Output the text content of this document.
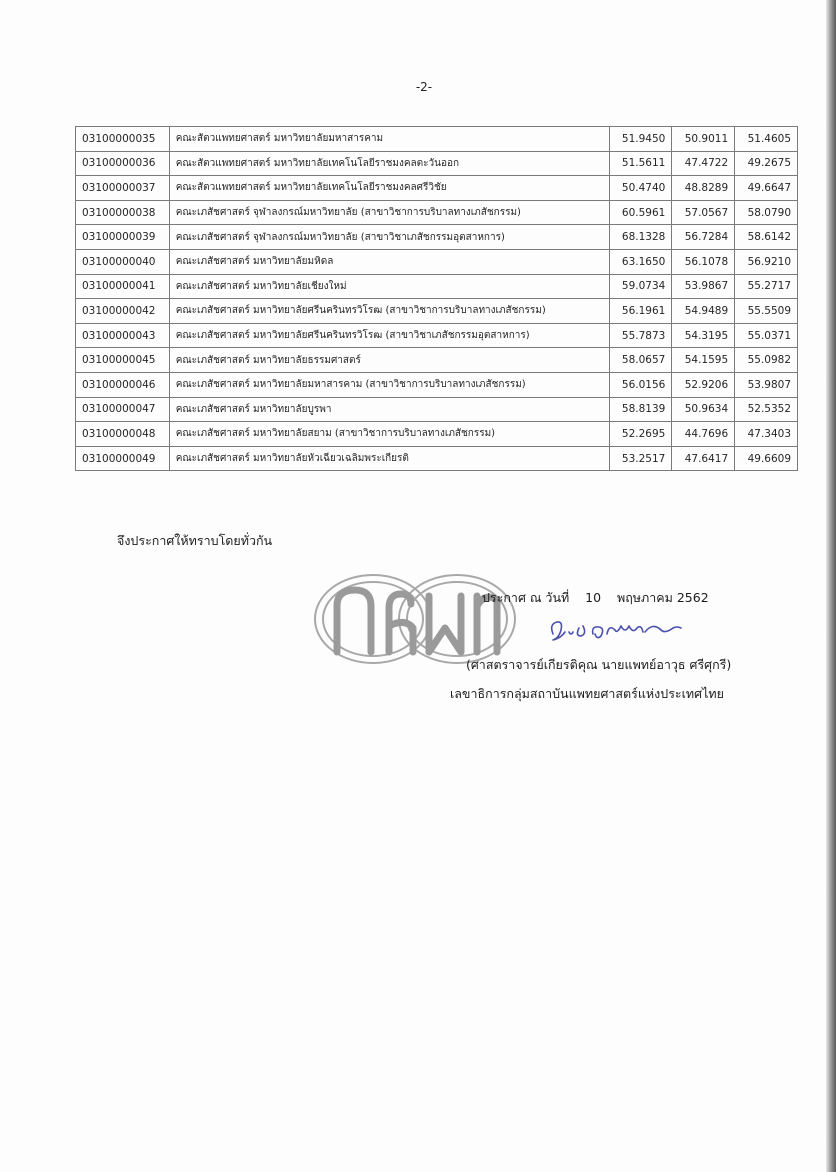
-2-
03100000035	คณะสัตวแพทยศาสตร์ มหาวิทยาลัยมหาสารคาม	51.9450	50.9011	51.4605
03100000036	คณะสัตวแพทยศาสตร์ มหาวิทยาลัยเทคโนโลยีราชมงคลตะวันออก	51.5611	47.4722	49.2675
03100000037	คณะสัตวแพทยศาสตร์ มหาวิทยาลัยเทคโนโลยีราชมงคลศรีวิชัย	50.4740	48.8289	49.6647
03100000038	คณะเภสัชศาสตร์ จุฬาลงกรณ์มหาวิทยาลัย (สาขาวิชาการบริบาลทางเภสัชกรรม)	60.5961	57.0567	58.0790
03100000039	คณะเภสัชศาสตร์ จุฬาลงกรณ์มหาวิทยาลัย (สาขาวิชาเภสัชกรรมอุตสาหการ)	68.1328	56.7284	58.6142
03100000040	คณะเภสัชศาสตร์ มหาวิทยาลัยมหิดล	63.1650	56.1078	56.9210
03100000041	คณะเภสัชศาสตร์ มหาวิทยาลัยเชียงใหม่	59.0734	53.9867	55.2717
03100000042	คณะเภสัชศาสตร์ มหาวิทยาลัยศรีนครินทรวิโรฒ (สาขาวิชาการบริบาลทางเภสัชกรรม)	56.1961	54.9489	55.5509
03100000043	คณะเภสัชศาสตร์ มหาวิทยาลัยศรีนครินทรวิโรฒ (สาขาวิชาเภสัชกรรมอุตสาหการ)	55.7873	54.3195	55.0371
03100000045	คณะเภสัชศาสตร์ มหาวิทยาลัยธรรมศาสตร์	58.0657	54.1595	55.0982
03100000046	คณะเภสัชศาสตร์ มหาวิทยาลัยมหาสารคาม (สาขาวิชาการบริบาลทางเภสัชกรรม)	56.0156	52.9206	53.9807
03100000047	คณะเภสัชศาสตร์ มหาวิทยาลัยบูรพา	58.8139	50.9634	52.5352
03100000048	คณะเภสัชศาสตร์ มหาวิทยาลัยสยาม (สาขาวิชาการบริบาลทางเภสัชกรรม)	52.2695	44.7696	47.3403
03100000049	คณะเภสัชศาสตร์ มหาวิทยาลัยหัวเฉียวเฉลิมพระเกียรติ	53.2517	47.6417	49.6609
จึงประกาศให้ทราบโดยทั่วกัน
ประกาศ ณ วันที่ 10 พฤษภาคม 2562
(ศาสตราจารย์เกียรติคุณ นายแพทย์อาวุธ ศรีศุกรี)
เลขาธิการกลุ่มสถาบันแพทยศาสตร์แห่งประเทศไทย
